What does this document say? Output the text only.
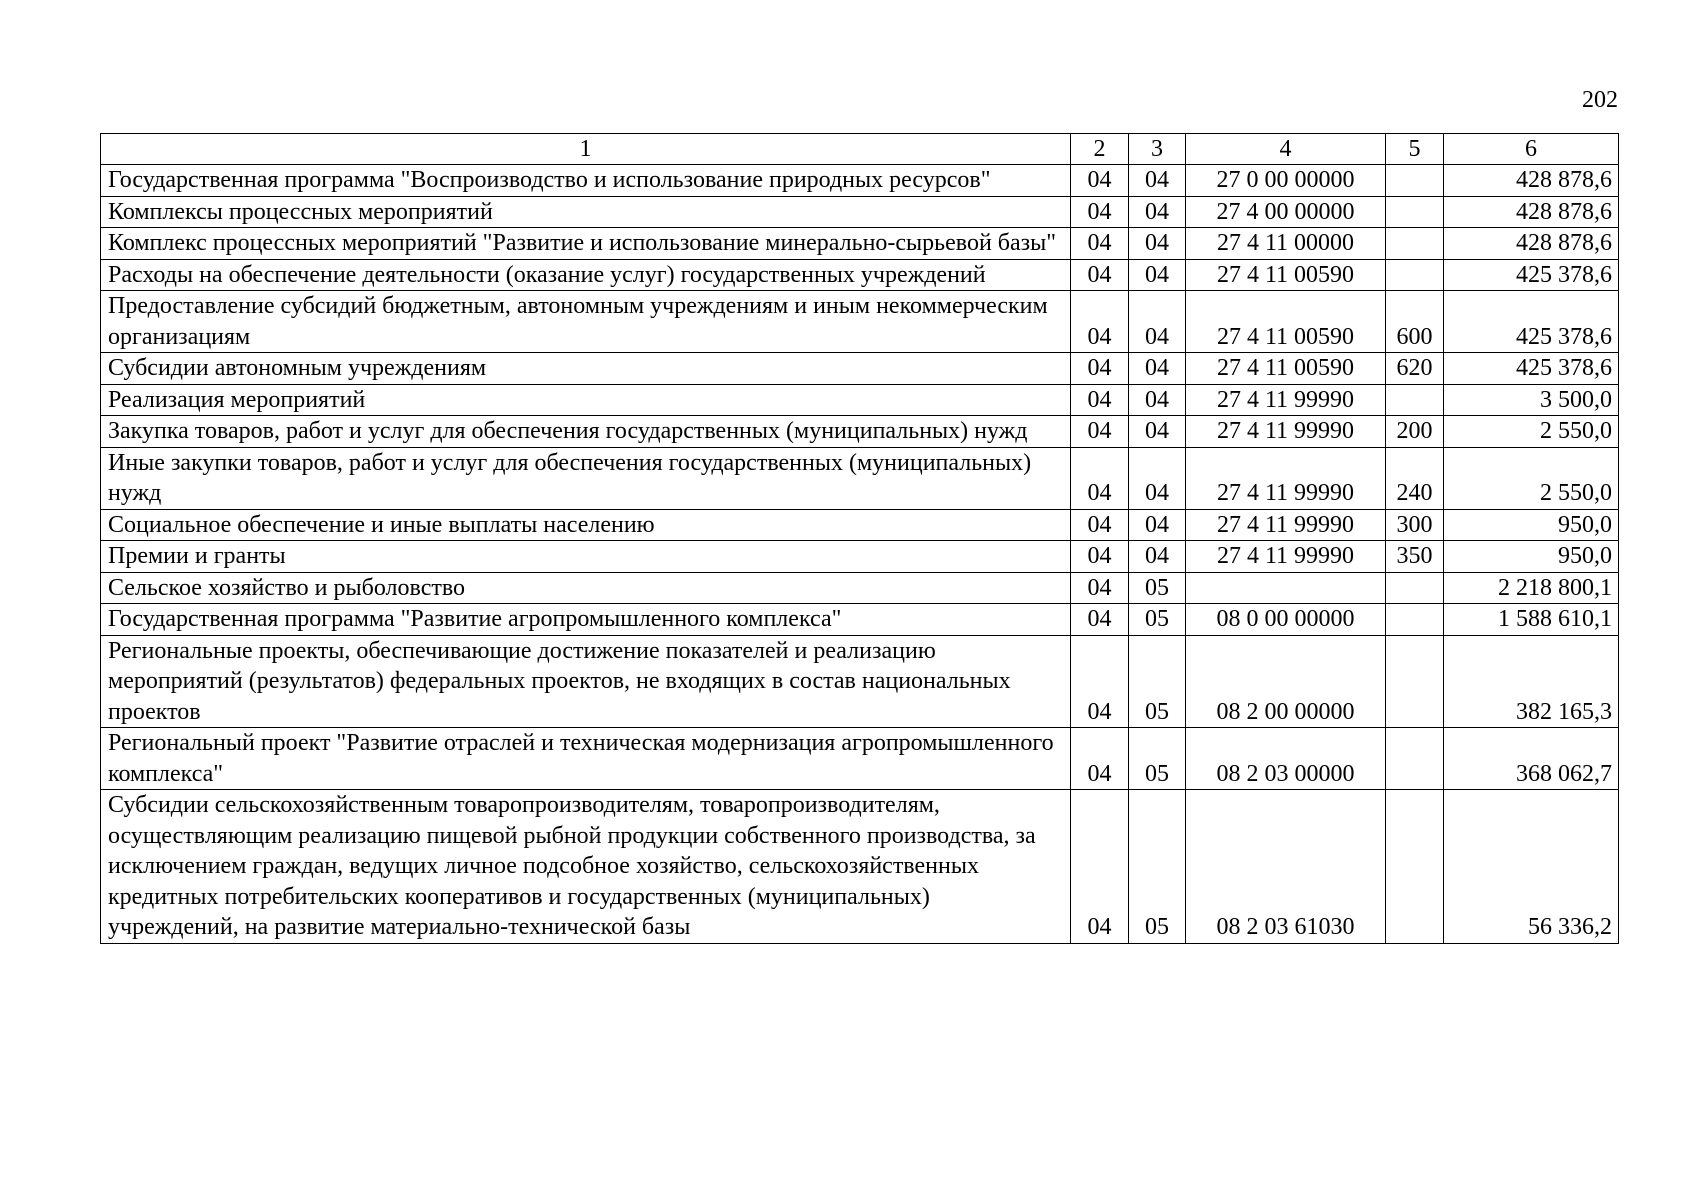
202
1	2	3	4	5	6
Государственная программа "Воспроизводство и использование природных ресурсов"	04	04	27 0 00 00000		428 878,6
Комплексы процессных мероприятий	04	04	27 4 00 00000		428 878,6
Комплекс процессных мероприятий "Развитие и использование минерально-сырьевой базы"	04	04	27 4 11 00000		428 878,6
Расходы на обеспечение деятельности (оказание услуг) государственных учреждений	04	04	27 4 11 00590		425 378,6
Предоставление субсидий бюджетным, автономным учреждениям и иным некоммерческим организациям	04	04	27 4 11 00590	600	425 378,6
Субсидии автономным учреждениям	04	04	27 4 11 00590	620	425 378,6
Реализация мероприятий	04	04	27 4 11 99990		3 500,0
Закупка товаров, работ и услуг для обеспечения государственных (муниципальных) нужд	04	04	27 4 11 99990	200	2 550,0
Иные закупки товаров, работ и услуг для обеспечения государственных (муниципальных) нужд	04	04	27 4 11 99990	240	2 550,0
Социальное обеспечение и иные выплаты населению	04	04	27 4 11 99990	300	950,0
Премии и гранты	04	04	27 4 11 99990	350	950,0
Сельское хозяйство и рыболовство	04	05			2 218 800,1
Государственная программа "Развитие агропромышленного комплекса"	04	05	08 0 00 00000		1 588 610,1
Региональные проекты, обеспечивающие достижение показателей и реализацию мероприятий (результатов) федеральных проектов, не входящих в состав национальных проектов	04	05	08 2 00 00000		382 165,3
Региональный проект "Развитие отраслей и техническая модернизация агропромышленного комплекса"	04	05	08 2 03 00000		368 062,7
Субсидии сельскохозяйственным товаропроизводителям, товаропроизводителям, осуществляющим реализацию пищевой рыбной продукции собственного производства, за исключением граждан, ведущих личное подсобное хозяйство, сельскохозяйственных кредитных потребительских кооперативов и государственных (муниципальных) учреждений, на развитие материально-технической базы	04	05	08 2 03 61030		56 336,2
